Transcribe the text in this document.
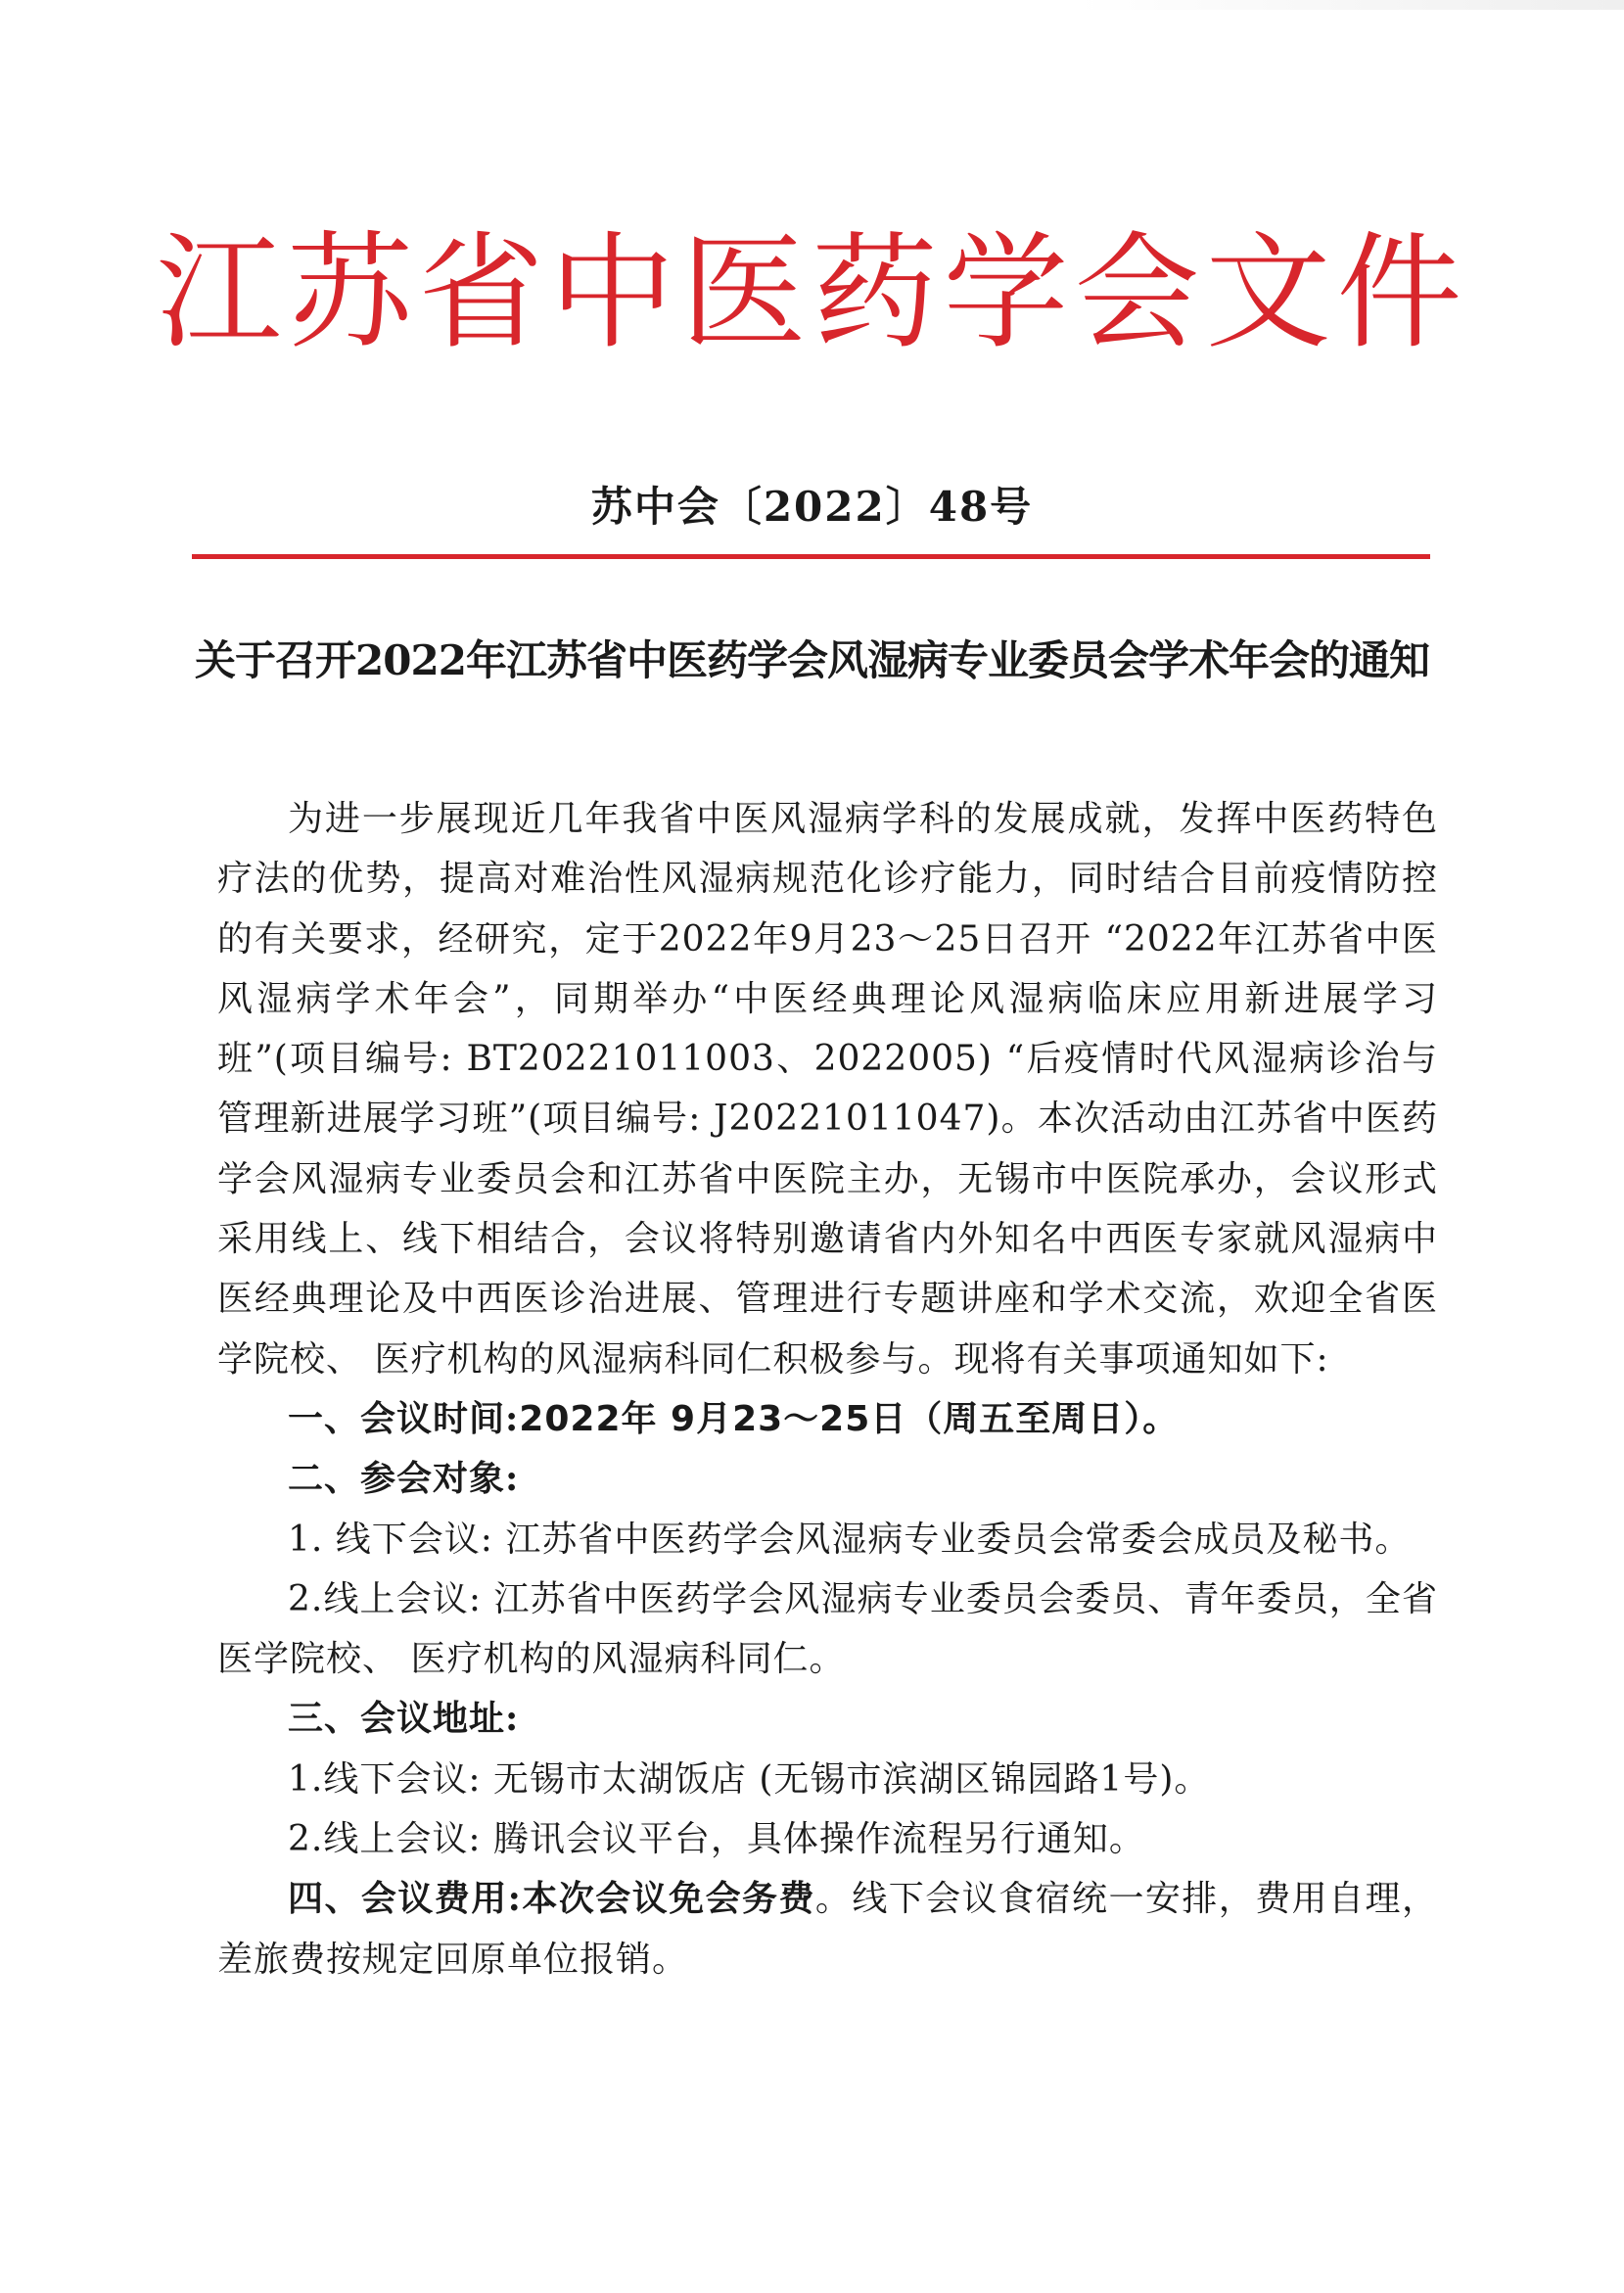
江苏省中医药学会文件
苏中会〔2022〕48号
关于召开2022年江苏省中医药学会风湿病专业委员会学术年会的通知

为进一步展现近几年我省中医风湿病学科的发展成就，发挥中医药特色疗法的优势，提高对难治性风湿病规范化诊疗能力，同时结合目前疫情防控的有关要求，经研究，定于2022年9月23～25日召开 “2022年江苏省中医风湿病学术年会”，同期举办“中医经典理论风湿病临床应用新进展学习班”(项目编号: BT20221011003、2022005) “后疫情时代风湿病诊治与管理新进展学习班”(项目编号: J20221011047)。本次活动由江苏省中医药学会风湿病专业委员会和江苏省中医院主办，无锡市中医院承办，会议形式采用线上、线下相结合，会议将特别邀请省内外知名中西医专家就风湿病中医经典理论及中西医诊治进展、管理进行专题讲座和学术交流，欢迎全省医学院校、 医疗机构的风湿病科同仁积极参与。现将有关事项通知如下:

一、会议时间:2022年 9月23～25日（周五至周日）。

二、参会对象:

1. 线下会议: 江苏省中医药学会风湿病专业委员会常委会成员及秘书。

2.线上会议: 江苏省中医药学会风湿病专业委员会委员、青年委员，全省医学院校、 医疗机构的风湿病科同仁。

三、会议地址:

1.线下会议: 无锡市太湖饭店 (无锡市滨湖区锦园路1号)。

2.线上会议: 腾讯会议平台，具体操作流程另行通知。

四、会议费用:本次会议免会务费。线下会议食宿统一安排，费用自理，差旅费按规定回原单位报销。
